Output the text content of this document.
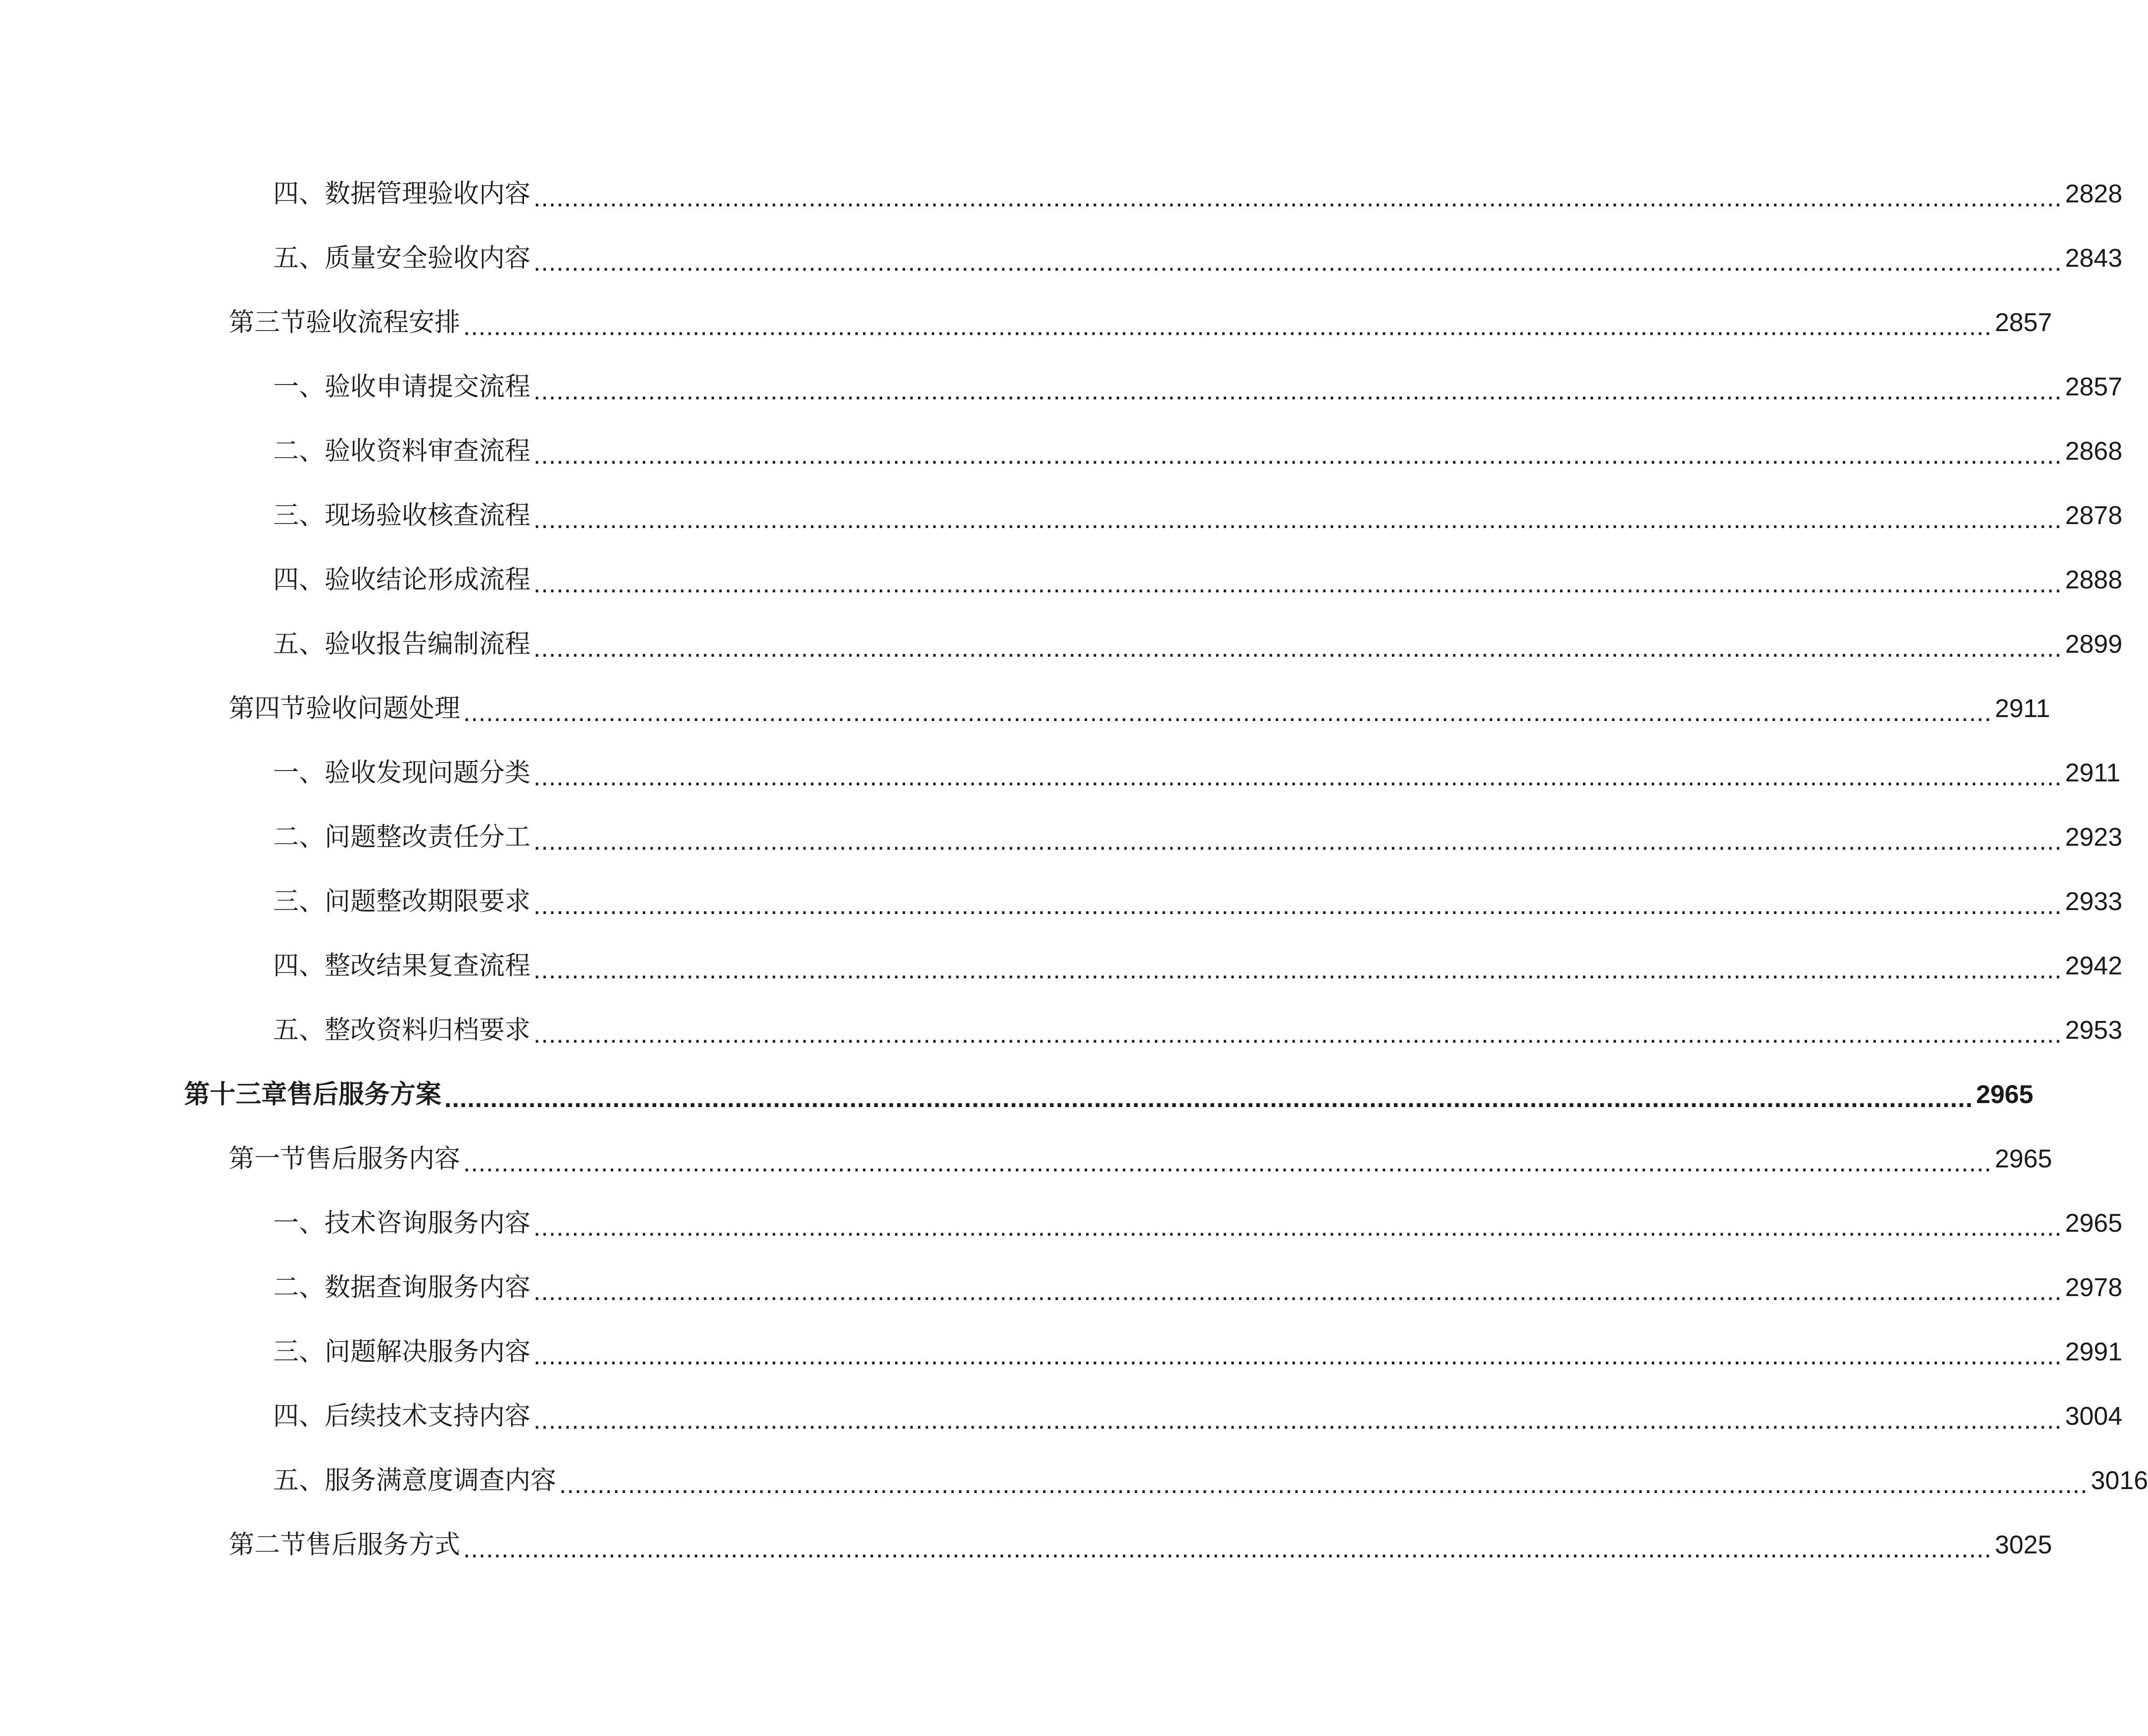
四、数据管理验收内容 ........................................................................................................................................................................................................ 2828
五、质量安全验收内容 ........................................................................................................................................................................................................ 2843
第三节验收流程安排 ........................................................................................................................................................................................................ 2857
一、验收申请提交流程 ........................................................................................................................................................................................................ 2857
二、验收资料审查流程 ........................................................................................................................................................................................................ 2868
三、现场验收核查流程 ........................................................................................................................................................................................................ 2878
四、验收结论形成流程 ........................................................................................................................................................................................................ 2888
五、验收报告编制流程 ........................................................................................................................................................................................................ 2899
第四节验收问题处理 ........................................................................................................................................................................................................ 2911
一、验收发现问题分类 ........................................................................................................................................................................................................ 2911
二、问题整改责任分工 ........................................................................................................................................................................................................ 2923
三、问题整改期限要求 ........................................................................................................................................................................................................ 2933
四、整改结果复查流程 ........................................................................................................................................................................................................ 2942
五、整改资料归档要求 ........................................................................................................................................................................................................ 2953
第十三章售后服务方案 ........................................................................................................................................................................................................ 2965
第一节售后服务内容 ........................................................................................................................................................................................................ 2965
一、技术咨询服务内容 ........................................................................................................................................................................................................ 2965
二、数据查询服务内容 ........................................................................................................................................................................................................ 2978
三、问题解决服务内容 ........................................................................................................................................................................................................ 2991
四、后续技术支持内容 ........................................................................................................................................................................................................ 3004
五、服务满意度调查内容 ........................................................................................................................................................................................................ 3016
第二节售后服务方式 ........................................................................................................................................................................................................ 3025
